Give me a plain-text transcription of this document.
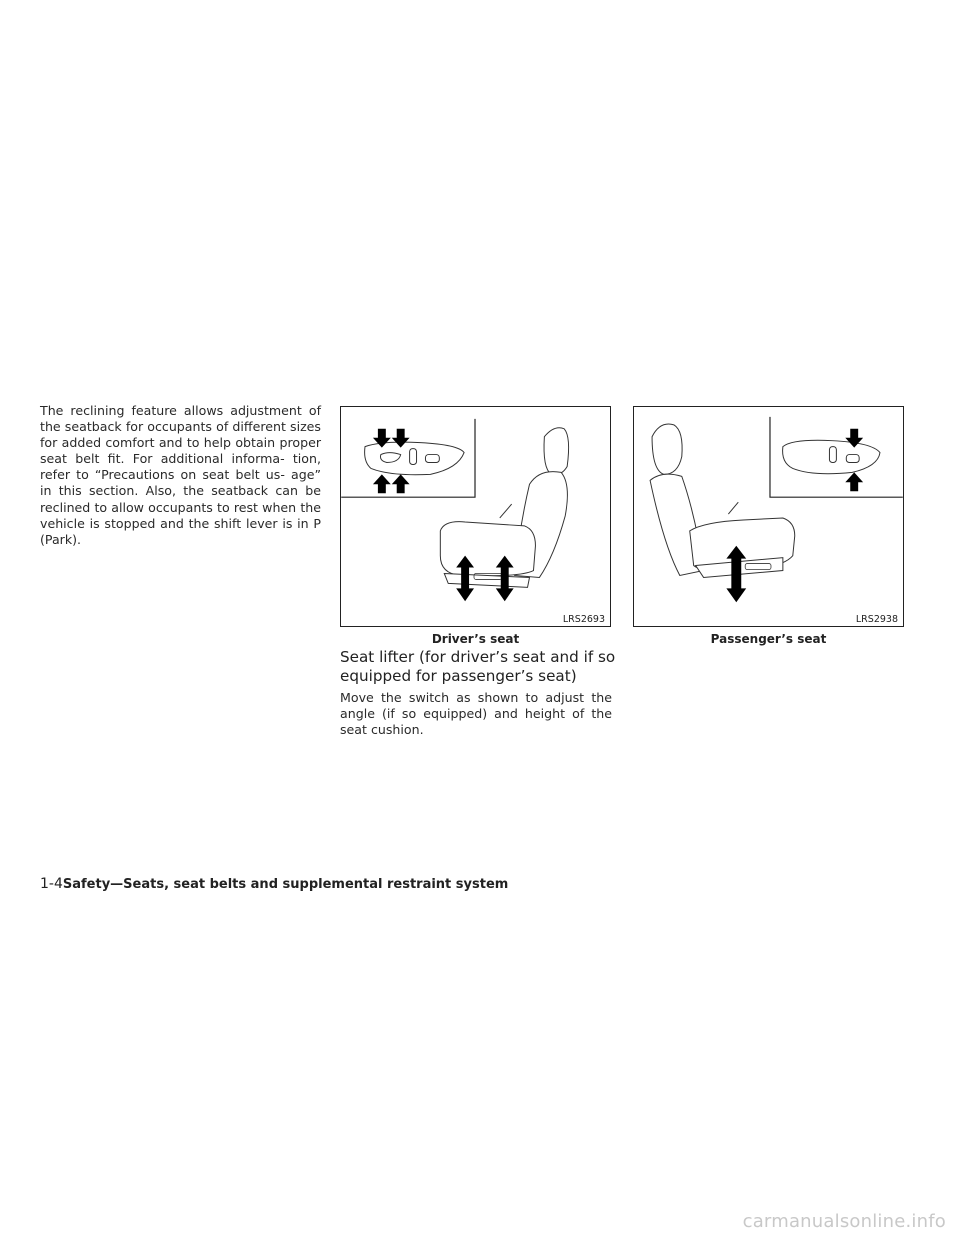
The reclining feature allows adjustment of the seatback for occupants of different sizes for added comfort and to help obtain proper seat belt fit. For additional informa- tion, refer to “Precautions on seat belt us- age” in this section. Also, the seatback can be reclined to allow occupants to rest when the vehicle is stopped and the shift lever is in P (Park).
LRS2693
Driver’s seat
LRS2938
Passenger’s seat
Seat lifter (for driver’s seat and if so equipped for passenger’s seat)
Move the switch as shown to adjust the angle (if so equipped) and height of the seat cushion.
1-4Safety—Seats, seat belts and supplemental restraint system
carmanualsonline.info
